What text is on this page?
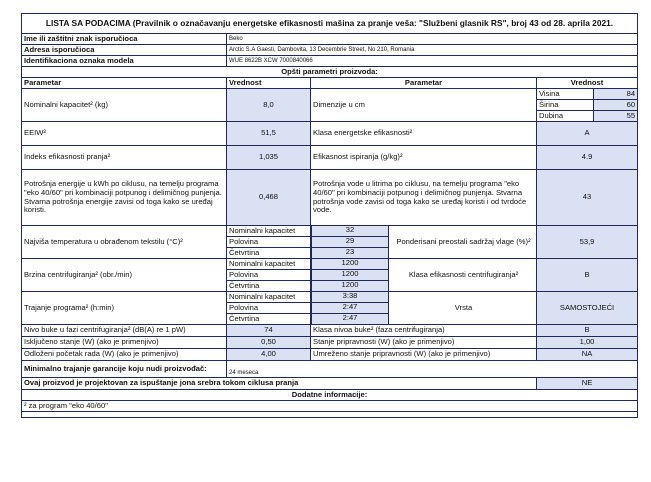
LISTA SA PODACIMA (Pravilnik o označavanju energetske efikasnosti mašina za pranje veša: "Službeni glasnik RS", broj 43 od 28. aprila 2021.				
Ime ili zaštitni znak isporučioca	Beko			
Adresa isporučioca	Arctic S.A Gaesti, Dambovita, 13 Decembrie Street, No 210, Romania			
Identifikaciona oznaka modela	WUE 8622B XCW 7000840066			
Opšti parametri proizvoda:				
Parametar	Vrednost	Parametar	Vrednost	
Nominalni kapacitet² (kg)	8,0	Dimenzije u cm	Visina	84
			Širina	60
			Dubina	55
EEIW²	51,5	Klasa energetske efikasnosti²	A	
Indeks efikasnosti pranja²	1,035	Efikasnost ispiranja (g/kg)²	4.9	
Potrošnja energije u kWh po ciklusu, na temelju programa "eko 40/60" pri kombinaciji potpunog i delimičnog punjenja. Stvarna potrošnja energije zavisi od toga kako se uređaj koristi.	0,468	Potrošnja vode u litrima po ciklusu, na temelju programa "eko 40/60" pri kombinaciji potpunog i delimičnog punjenja. Stvarna potrošnja vode zavisi od toga kako se uređaj koristi i od tvrdoće vode.	43	
Najviša temperatura u obrađenom tekstilu (°C)²	Nominalni kapacitet 32	Ponderisani preostali sadržaj vlage (%)²	53,9	

	Polovina 29			

	Četvrtina 23			

Brzina centrifugiranja² (obr./min)	Nominalni kapacitet 1200	Klasa efikasnosti centrifugiranja²	B	

	Polovina 1200			

	Četvrtina 1200			

Trajanje programa² (h:min)	Nominalni kapacitet 3:38	Vrsta	SAMOSTOJEĆI	

	Polovina 2:47			

	Četvrtina 2:47			

Nivo buke u fazi centrifugiranja² (dB(A) re 1 pW)	74	Klasa nivoa buke² (faza centrifugiranja)	B	
Isključeno stanje (W) (ako je primenjivo)	0,50	Stanje pripravnosti (W) (ako je primenjivo)	1,00	
Odloženi početak rada (W) (ako je primenjivo)	4,00	Umreženo stanje pripravnosti (W) (ako je primenjivo)	NA	
Minimalno trajanje garancije koju nudi proizvođač:	24 meseca			
Ovaj proizvod je projektovan za ispuštanje jona srebra tokom ciklusa pranja			NE	
Dodatne informacije:				
² za program "eko 40/60"				
